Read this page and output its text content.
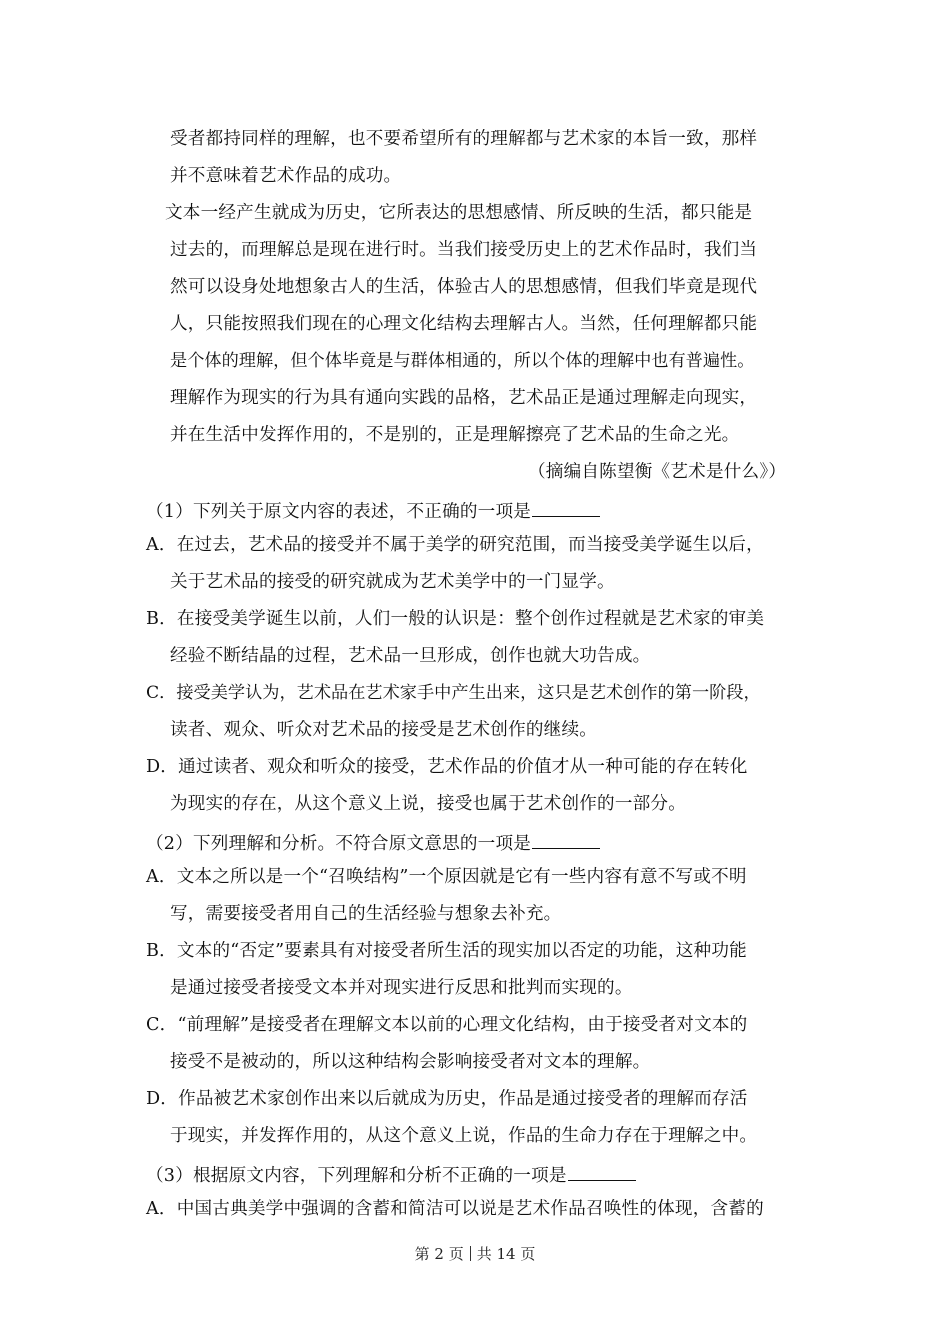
受者都持同样的理解，也不要希望所有的理解都与艺术家的本旨一致，那样
并不意味着艺术作品的成功。
文本一经产生就成为历史，它所表达的思想感情、所反映的生活，都只能是
过去的，而理解总是现在进行时。当我们接受历史上的艺术作品时，我们当
然可以设身处地想象古人的生活，体验古人的思想感情，但我们毕竟是现代
人，只能按照我们现在的心理文化结构去理解古人。当然，任何理解都只能
是个体的理解，但个体毕竟是与群体相通的，所以个体的理解中也有普遍性。
理解作为现实的行为具有通向实践的品格，艺术品正是通过理解走向现实，
并在生活中发挥作用的，不是别的，正是理解擦亮了艺术品的生命之光。
（摘编自陈望衡《艺术是什么》）
（1）下列关于原文内容的表述，不正确的一项是
A．在过去，艺术品的接受并不属于美学的研究范围，而当接受美学诞生以后，
关于艺术品的接受的研究就成为艺术美学中的一门显学。
B．在接受美学诞生以前，人们一般的认识是：整个创作过程就是艺术家的审美
经验不断结晶的过程，艺术品一旦形成，创作也就大功告成。
C．接受美学认为，艺术品在艺术家手中产生出来，这只是艺术创作的第一阶段，
读者、观众、听众对艺术品的接受是艺术创作的继续。
D．通过读者、观众和听众的接受，艺术作品的价值才从一种可能的存在转化
为现实的存在，从这个意义上说，接受也属于艺术创作的一部分。
（2）下列理解和分析。不符合原文意思的一项是
A．文本之所以是一个“召唤结构”一个原因就是它有一些内容有意不写或不明
写，需要接受者用自己的生活经验与想象去补充。
B．文本的“否定”要素具有对接受者所生活的现实加以否定的功能，这种功能
是通过接受者接受文本并对现实进行反思和批判而实现的。
C．“前理解”是接受者在理解文本以前的心理文化结构，由于接受者对文本的
接受不是被动的，所以这种结构会影响接受者对文本的理解。
D．作品被艺术家创作出来以后就成为历史，作品是通过接受者的理解而存活
于现实，并发挥作用的，从这个意义上说，作品的生命力存在于理解之中。
（3）根据原文内容，下列理解和分析不正确的一项是
A．中国古典美学中强调的含蓄和简洁可以说是艺术作品召唤性的体现，含蓄的
第 2 页 共 14 页
